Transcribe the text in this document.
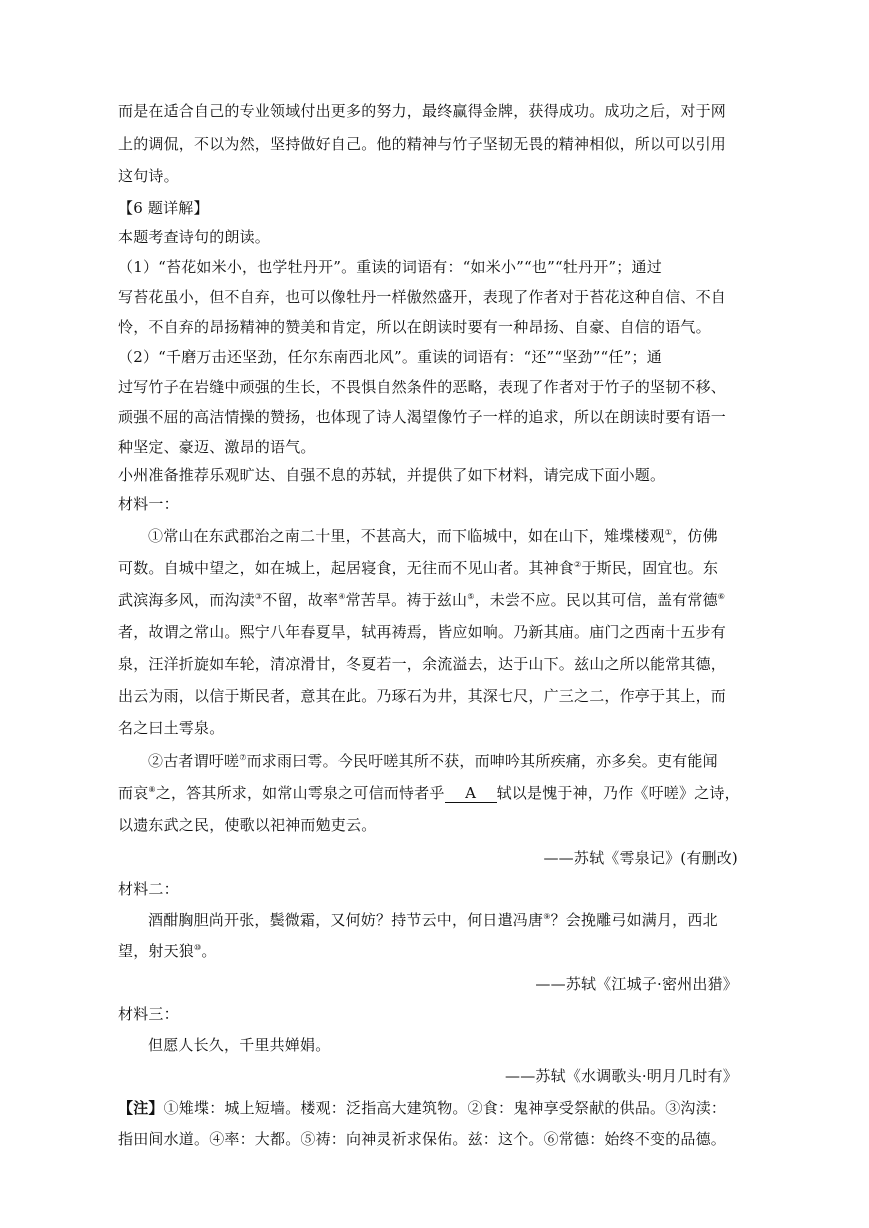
而是在适合自己的专业领域付出更多的努力，最终赢得金牌，获得成功。成功之后，对于网
上的调侃，不以为然，坚持做好自己。他的精神与竹子坚韧无畏的精神相似，所以可以引用
这句诗。
【6 题详解】
本题考查诗句的朗读。
（1）“苔花如米小，也学牡丹开”。重读的词语有：“如米小”“也”“牡丹开”；通过
写苔花虽小，但不自弃，也可以像牡丹一样傲然盛开，表现了作者对于苔花这种自信、不自
怜，不自弃的昂扬精神的赞美和肯定，所以在朗读时要有一种昂扬、自豪、自信的语气。
（2）“千磨万击还坚劲，任尔东南西北风”。重读的词语有：“还”“坚劲”“任”；通
过写竹子在岩缝中顽强的生长，不畏惧自然条件的恶略，表现了作者对于竹子的坚韧不移、
顽强不屈的高洁情操的赞扬，也体现了诗人渴望像竹子一样的追求，所以在朗读时要有语一
种坚定、豪迈、激昂的语气。
小州准备推荐乐观旷达、自强不息的苏轼，并提供了如下材料，请完成下面小题。
材料一：
①常山在东武郡治之南二十里，不甚高大，而下临城中，如在山下，雉堞楼观①，仿佛
可数。自城中望之，如在城上，起居寝食，无往而不见山者。其神食②于斯民，固宜也。东
武滨海多风，而沟渎③不留，故率④常苦旱。祷于兹山⑤，未尝不应。民以其可信，盖有常德⑥
者，故谓之常山。熙宁八年春夏旱，轼再祷焉，皆应如响。乃新其庙。庙门之西南十五步有
泉，汪洋折旋如车轮，清凉滑甘，冬夏若一，余流溢去，达于山下。兹山之所以能常其德，
出云为雨，以信于斯民者，意其在此。乃琢石为井，其深七尺，广三之二，作亭于其上，而
名之曰土雩泉。
②古者谓吁嗟⑦而求雨曰雩。今民吁嗟其所不获，而呻吟其所疾痛，亦多矣。吏有能闻
而哀⑧之，答其所求，如常山雩泉之可信而恃者乎 A 轼以是愧于神，乃作《吁嗟》之诗，
以遗东武之民，使歌以祀神而勉吏云。
——苏轼《雩泉记》(有删改)
材料二：
酒酣胸胆尚开张，鬓微霜，又何妨？持节云中，何日遣冯唐⑨？会挽雕弓如满月，西北
望，射天狼⑩。
——苏轼《江城子·密州出猎》
材料三：
但愿人长久，千里共婵娟。
——苏轼《水调歌头·明月几时有》
【注】①雉堞：城上短墙。楼观：泛指高大建筑物。②食：鬼神享受祭献的供品。③沟渎：
指田间水道。④率：大都。⑤祷：向神灵祈求保佑。兹：这个。⑥常德：始终不变的品德。
